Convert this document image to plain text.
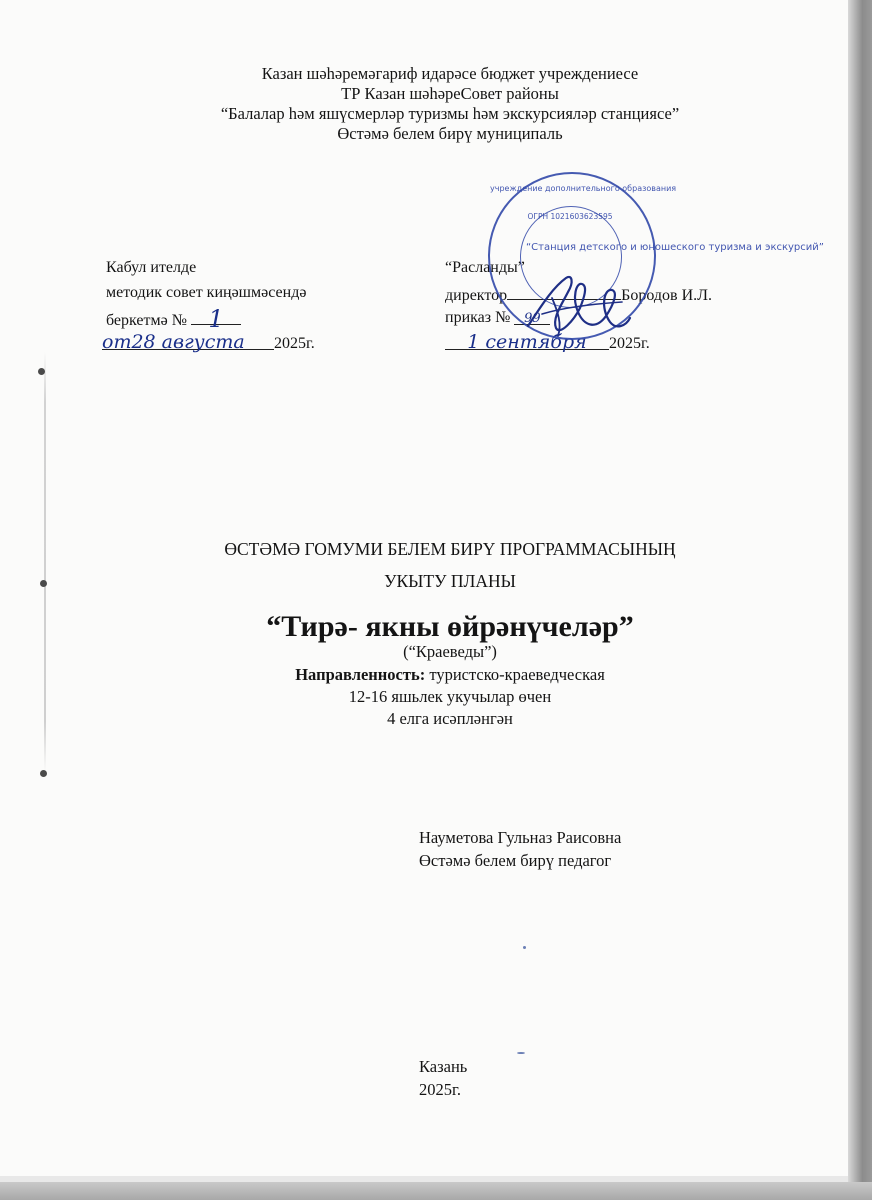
Казан шәһәремәгариф идарәсе бюджет учреждениесе
ТР Казан шәһәреСовет районы
“Балалар һәм яшүсмерләр туризмы һәм экскурсияләр станциясе”
Өстәмә белем бирү муниципаль
Кабул ителде
методик совет киңәшмәсендә
беркетмә № 1
от28 августа 2025г.
“Расланды”
директор	Бородов И.Л.
приказ № 99
1 сентября 2025г.
учреждение дополнительного образования
ОГРН 1021603623595
“Станция детского и юношеского туризма и экскурсий”
ӨСТӘМӘ ГОМУМИ БЕЛЕМ БИРҮ ПРОГРАММАСЫНЫҢ
УКЫТУ ПЛАНЫ
“Тирә- якны өйрәнүчеләр”
(“Краеведы”)
Направленность: туристско-краеведческая
12-16 яшьлек укучылар өчен
4 елга исәпләнгән
Науметова Гульназ Раисовна
Өстәмә белем бирү педагог
Казань
2025г.
